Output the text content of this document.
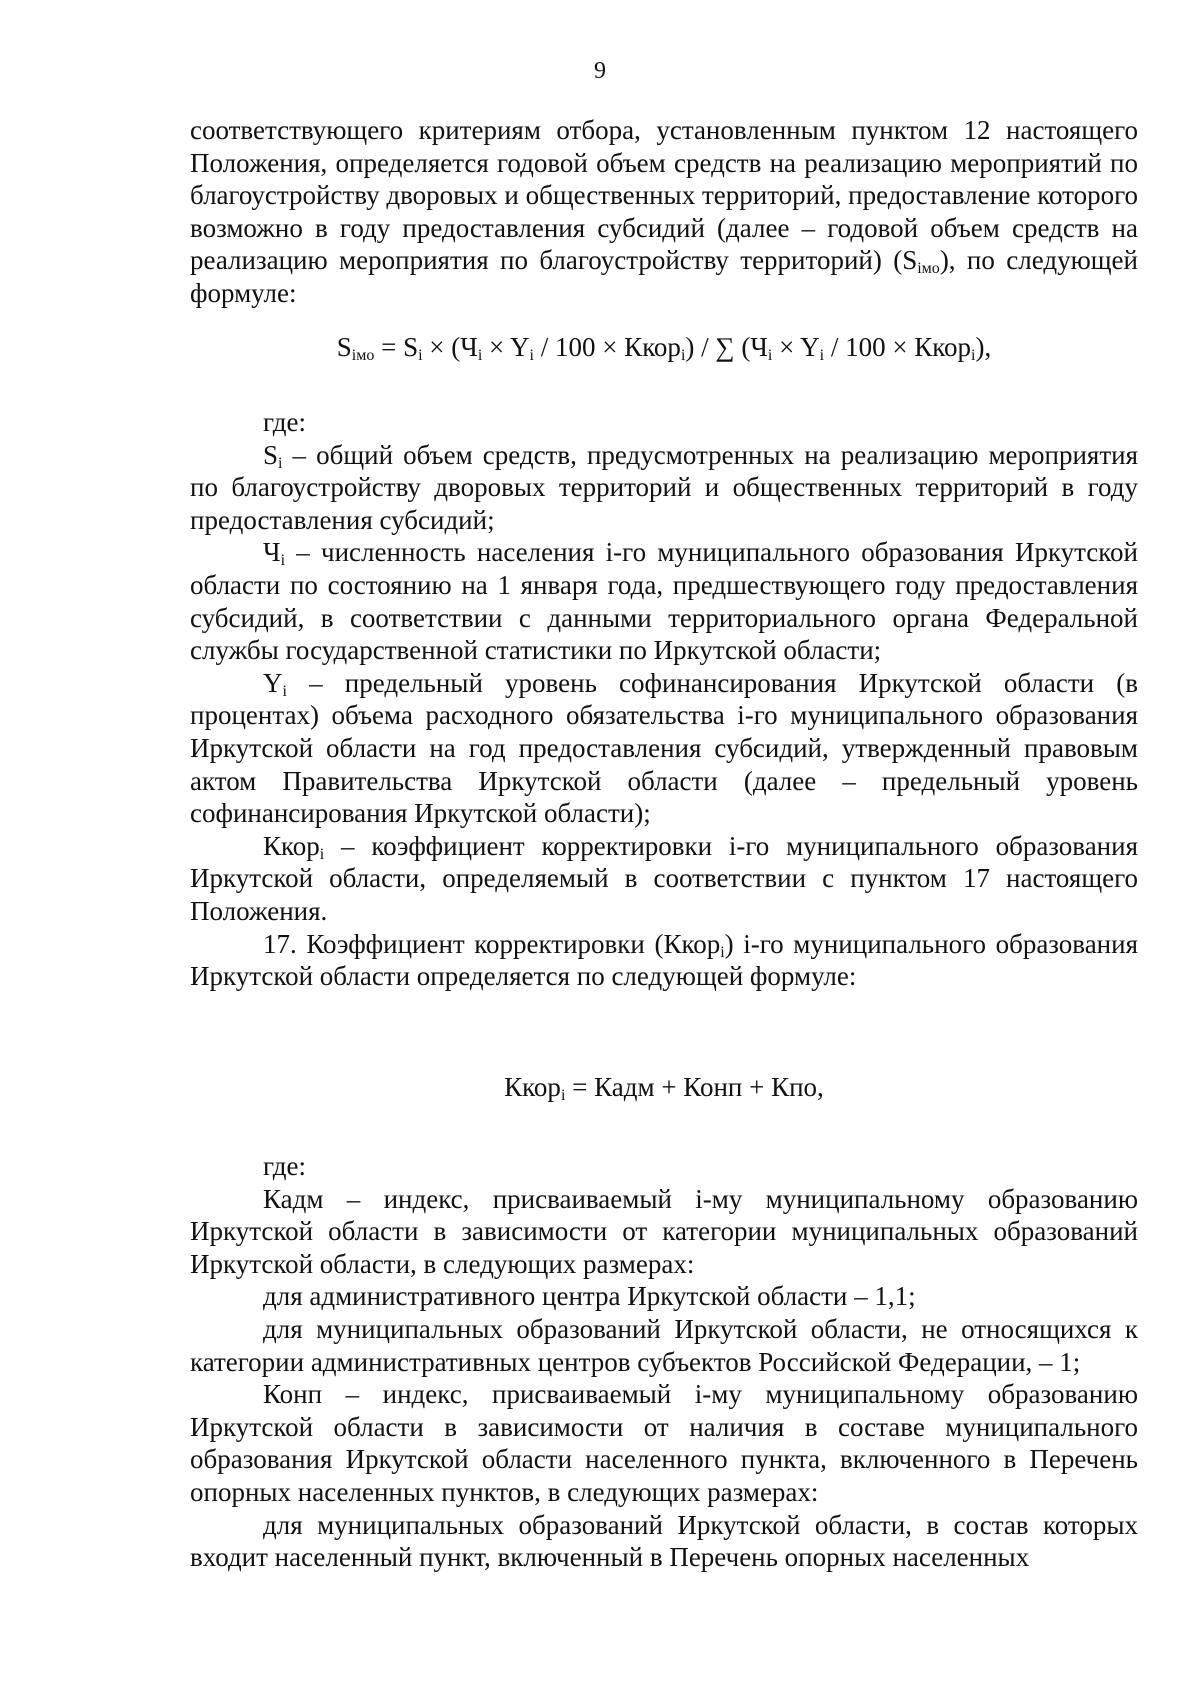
9

соответствующего критериям отбора, установленным пунктом 12 настоящего Положения, определяется годовой объем средств на реализацию мероприятий по благоустройству дворовых и общественных территорий, предоставление которого возможно в году предоставления субсидий (далее – годовой объем средств на реализацию мероприятия по благоустройству территорий) $(S_{iмо})$, по следующей формуле:

$S_{iмо} = S_i \times (Ч_i \times Y_i / 100$ × Ккор$_i$) / ∑ ($Ч_i \times Y_i / 100$ × Ккор$_i$),

где:

$S_i$ – общий объем средств, предусмотренных на реализацию мероприятия по благоустройству дворовых территорий и общественных территорий в году предоставления субсидий;

$Ч_i$ – численность населения i-го муниципального образования Иркутской области по состоянию на 1 января года, предшествующего году предоставления субсидий, в соответствии с данными территориального органа Федеральной службы государственной статистики по Иркутской области;

$Y_i$ – предельный уровень софинансирования Иркутской области (в процентах) объема расходного обязательства i-го муниципального образования Иркутской области на год предоставления субсидий, утвержденный правовым актом Правительства Иркутской области (далее – предельный уровень софинансирования Иркутской области);

Ккор$_i$ – коэффициент корректировки i-го муниципального образования Иркутской области, определяемый в соответствии с пунктом 17 настоящего Положения.

17. Коэффициент корректировки (Ккор$_i$) i-го муниципального образования Иркутской области определяется по следующей формуле:

Ккор$_i$ = Кадм + Конп + Кпо,

где:

Кадм – индекс, присваиваемый i-му муниципальному образованию Иркутской области в зависимости от категории муниципальных образований Иркутской области, в следующих размерах:

для административного центра Иркутской области – 1,1;

для муниципальных образований Иркутской области, не относящихся к категории административных центров субъектов Российской Федерации, – 1;

Конп – индекс, присваиваемый i-му муниципальному образованию Иркутской области в зависимости от наличия в составе муниципального образования Иркутской области населенного пункта, включенного в Перечень опорных населенных пунктов, в следующих размерах:

для муниципальных образований Иркутской области, в состав которых входит населенный пункт, включенный в Перечень опорных населенных
